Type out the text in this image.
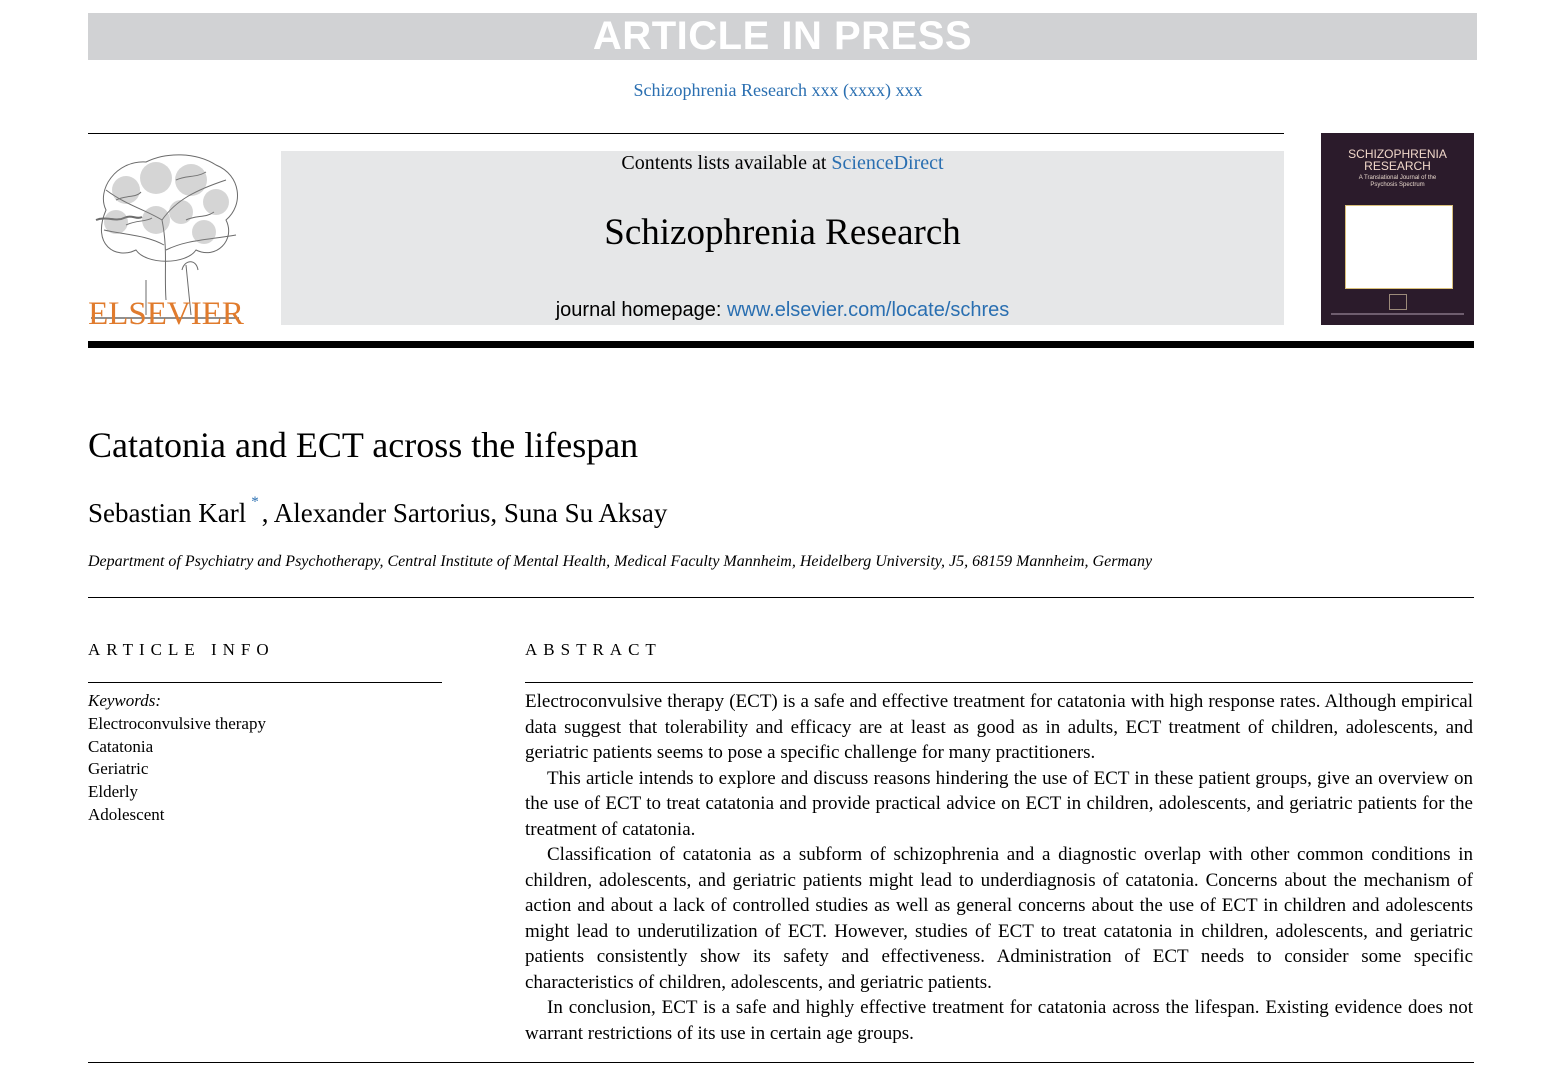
ARTICLE IN PRESS
Schizophrenia Research xxx (xxxx) xxx
ELSEVIER
Contents lists available at ScienceDirect
Schizophrenia Research
journal homepage: www.elsevier.com/locate/schres
SCHIZOPHRENIA
RESEARCH
A Translational Journal of the
Psychosis Spectrum
Catatonia and ECT across the lifespan
Sebastian Karl * , Alexander Sartorius, Suna Su Aksay
Department of Psychiatry and Psychotherapy, Central Institute of Mental Health, Medical Faculty Mannheim, Heidelberg University, J5, 68159 Mannheim, Germany
ARTICLE INFO	ABSTRACT
Keywords:
Electroconvulsive therapy
Catatonia
Geriatric
Elderly
Adolescent

Electroconvulsive therapy (ECT) is a safe and effective treatment for catatonia with high response rates. Although empirical data suggest that tolerability and efficacy are at least as good as in adults, ECT treatment of children, adolescents, and geriatric patients seems to pose a specific challenge for many practitioners.

This article intends to explore and discuss reasons hindering the use of ECT in these patient groups, give an overview on the use of ECT to treat catatonia and provide practical advice on ECT in children, adolescents, and geriatric patients for the treatment of catatonia.

Classification of catatonia as a subform of schizophrenia and a diagnostic overlap with other common conditions in children, adolescents, and geriatric patients might lead to underdiagnosis of catatonia. Concerns about the mechanism of action and about a lack of controlled studies as well as general concerns about the use of ECT in children and adolescents might lead to underutilization of ECT. However, studies of ECT to treat catatonia in children, adolescents, and geriatric patients consistently show its safety and effectiveness. Administration of ECT needs to consider some specific characteristics of children, adolescents, and geriatric patients.

In conclusion, ECT is a safe and highly effective treatment for catatonia across the lifespan. Existing evidence does not warrant restrictions of its use in certain age groups.
